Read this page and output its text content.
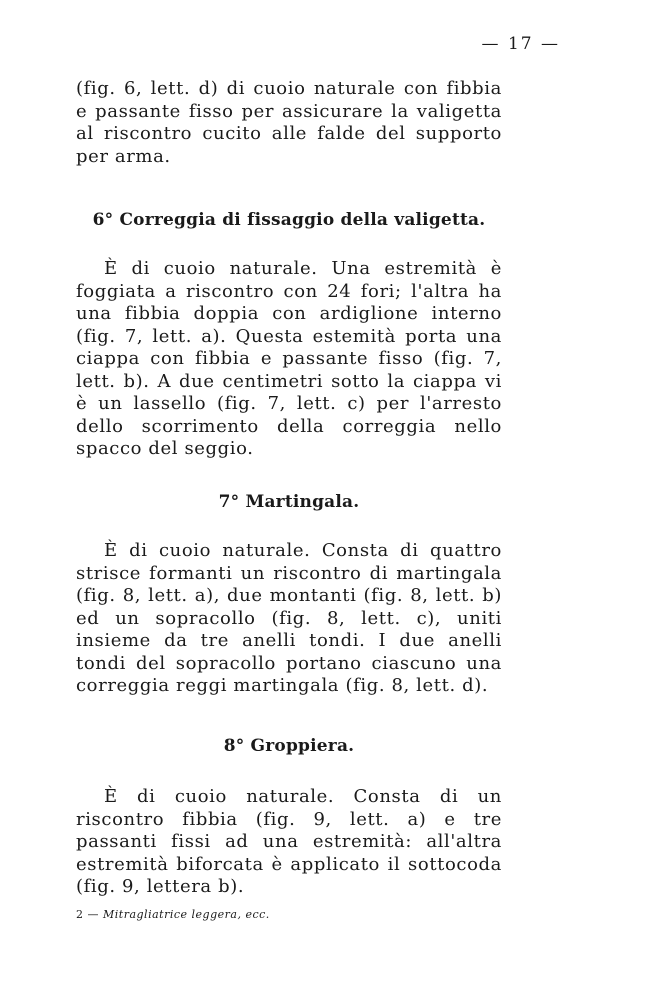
— 17 —

(fig. 6, lett. d) di cuoio naturale con fibbia e passante fisso per assicurare la valigetta al riscontro cucito alle falde del supporto per arma.

6° Correggia di fissaggio della valigetta.

È di cuoio naturale. Una estremità è foggiata a riscontro con 24 fori; l'altra ha una fibbia doppia con ardiglione interno (fig. 7, lett. a). Questa estemità porta una ciappa con fibbia e passante fisso (fig. 7, lett. b). A due centimetri sotto la ciappa vi è un lassello (fig. 7, lett. c) per l'arresto dello scorrimento della correggia nello spacco del seggio.

7° Martingala.

È di cuoio naturale. Consta di quattro strisce formanti un riscontro di martingala (fig. 8, lett. a), due montanti (fig. 8, lett. b) ed un sopracollo (fig. 8, lett. c), uniti insieme da tre anelli tondi. I due anelli tondi del sopracollo portano ciascuno una correggia reggi martingala (fig. 8, lett. d).

8° Groppiera.

È di cuoio naturale. Consta di un riscontro fibbia (fig. 9, lett. a) e tre passanti fissi ad una estremità: all'altra estremità biforcata è applicato il sottocoda (fig. 9, lettera b).

2 — Mitragliatrice leggera, ecc.
